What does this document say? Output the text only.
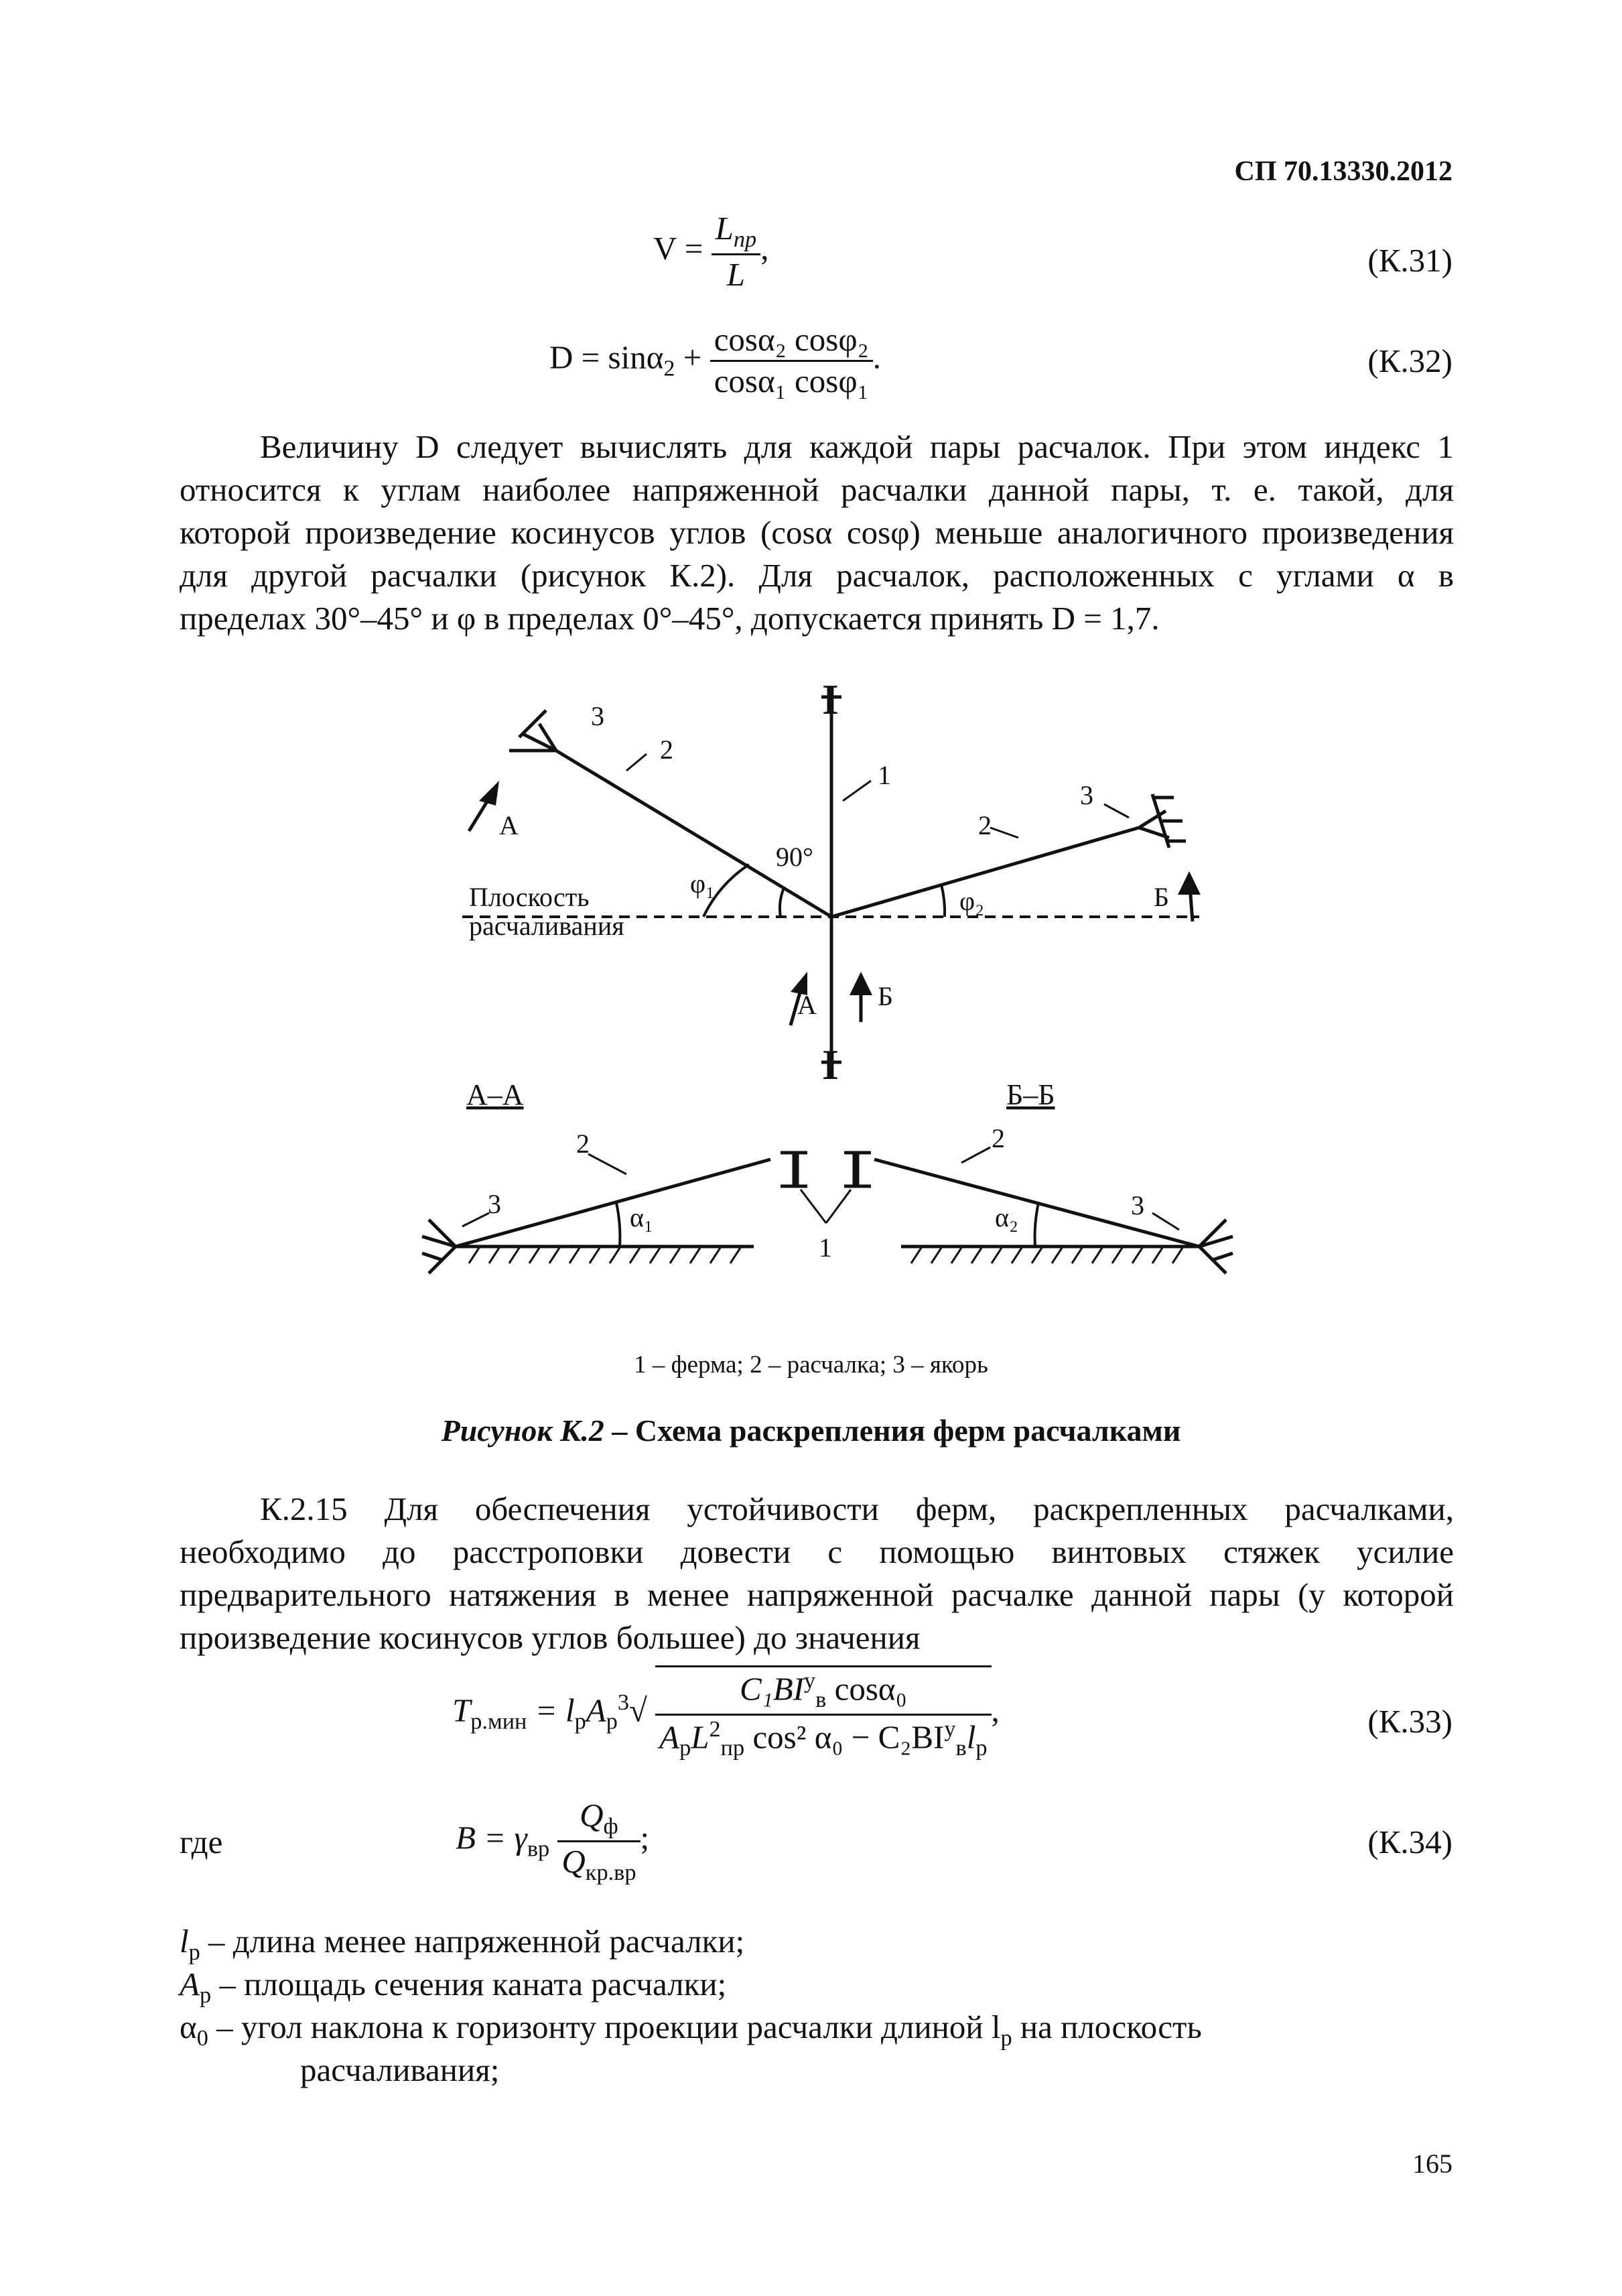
СП 70.13330.2012
$V = \frac{L_{пр}}{L}$ ,	(К.31)
$D = \sin\alpha_2 + \frac{\text{cosα₂ cosφ₂}}{\text{cosα₁ cosφ₁}}$ .	(К.32)
Величину D следует вычислять для каждой пары расчалок. При этом индекс 1
относится к углам наиболее напряженной расчалки данной пары, т. е. такой, для
которой произведение косинусов углов (cosα cosφ) меньше аналогичного произведения
для другой расчалки (рисунок К.2). Для расчалок, расположенных с углами α в
пределах 30°–45° и φ в пределах 0°–45°, допускается принять D = 1,7.
3
2
1
2
3
А
А Б
Б
90°
φ₁
φ₂
Плоскость
расчаливания
I
I
А–А	Б–Б
2
3	α₁
2
3
α₂
1
1 – ферма; 2 – расчалка; 3 – якорь
Рисунок К.2 – Схема раскрепления ферм расчалками
К.2.15 Для обеспечения устойчивости ферм, раскрепленных расчалками,
необходимо до расстроповки довести с помощью винтовых стяжек усилие
предварительного натяжения в менее напряженной расчалке данной пары (у которой
произведение косинусов углов большее) до значения
$T_{р.мин} = l_рA_р^3√ \frac{C_1BI^у_в \cos\alpha_0}{A_рL^2_{пр} \cos^2 \alpha_0 - C_2BI^у_вl_р}$ ,	(К.33)
где	$B = \gamma_{вр} \frac{Q_ф}{Q_{кр.вр}}$ ;	(К.34)
$l_р$ – длина менее напряженной расчалки;
$A_р$ – площадь сечения каната расчалки;
$\alpha_0$ – угол наклона к горизонту проекции расчалки длиной $l_р$ на плоскость
расчаливания;
165
